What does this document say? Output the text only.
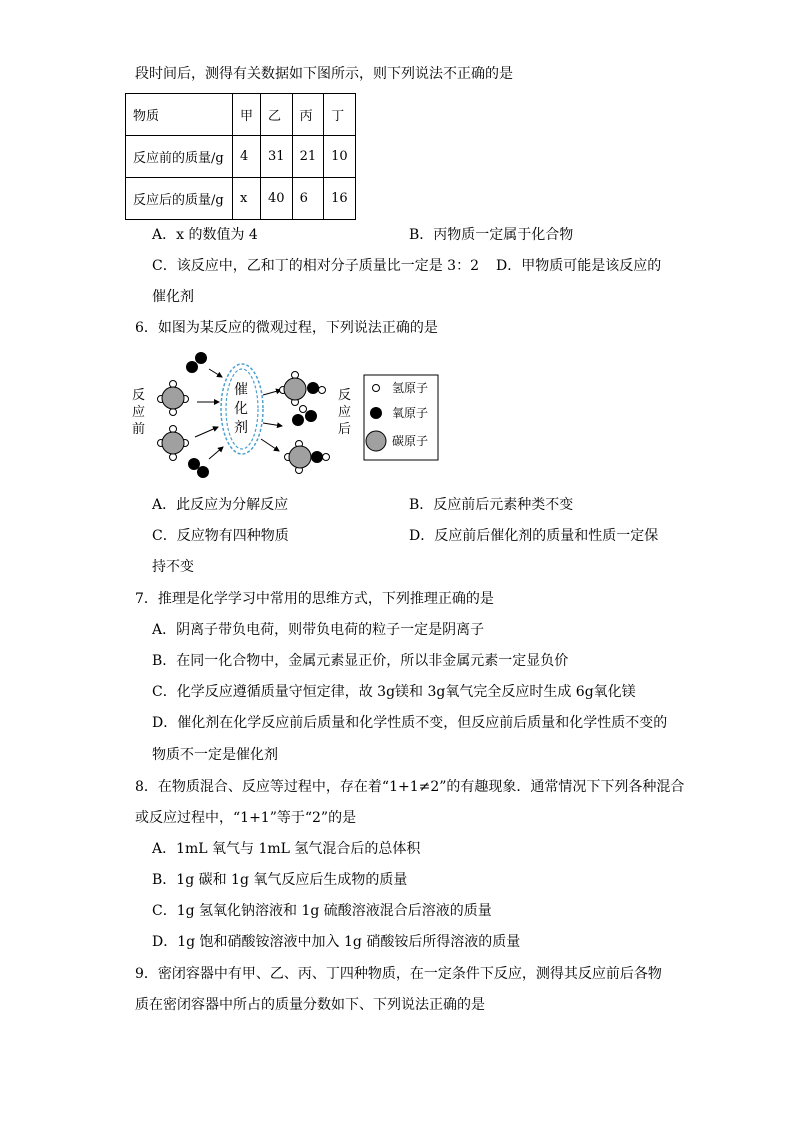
段时间后，测得有关数据如下图所示，则下列说法不正确的是
物质	甲	乙	丙	丁
反应前的质量/g	4	31	21	10
反应后的质量/g	x	40	6	16
A．x 的数值为 4	B．丙物质一定属于化合物
C．该反应中，乙和丁的相对分子质量比一定是 3：2 D．甲物质可能是该反应的
催化剂
6．如图为某反应的微观过程，下列说法正确的是
反
应
前
反
应
后
催
化
剂
氢原子
氧原子
碳原子
A．此反应为分解反应	B．反应前后元素种类不变
C．反应物有四种物质	D．反应前后催化剂的质量和性质一定保
持不变
7．推理是化学学习中常用的思维方式，下列推理正确的是
A．阴离子带负电荷，则带负电荷的粒子一定是阴离子
B．在同一化合物中，金属元素显正价，所以非金属元素一定显负价
C．化学反应遵循质量守恒定律，故 3g镁和 3g氧气完全反应时生成 6g氧化镁
D．催化剂在化学反应前后质量和化学性质不变，但反应前后质量和化学性质不变的
物质不一定是催化剂
8．在物质混合、反应等过程中，存在着“1+1≠2”的有趣现象．通常情况下下列各种混合
或反应过程中，“1+1”等于“2”的是
A．1mL 氧气与 1mL 氢气混合后的总体积
B．1g 碳和 1g 氧气反应后生成物的质量
C．1g 氢氧化钠溶液和 1g 硫酸溶液混合后溶液的质量
D．1g 饱和硝酸铵溶液中加入 1g 硝酸铵后所得溶液的质量
9．密闭容器中有甲、乙、丙、丁四种物质，在一定条件下反应，测得其反应前后各物
质在密闭容器中所占的质量分数如下、下列说法正确的是
